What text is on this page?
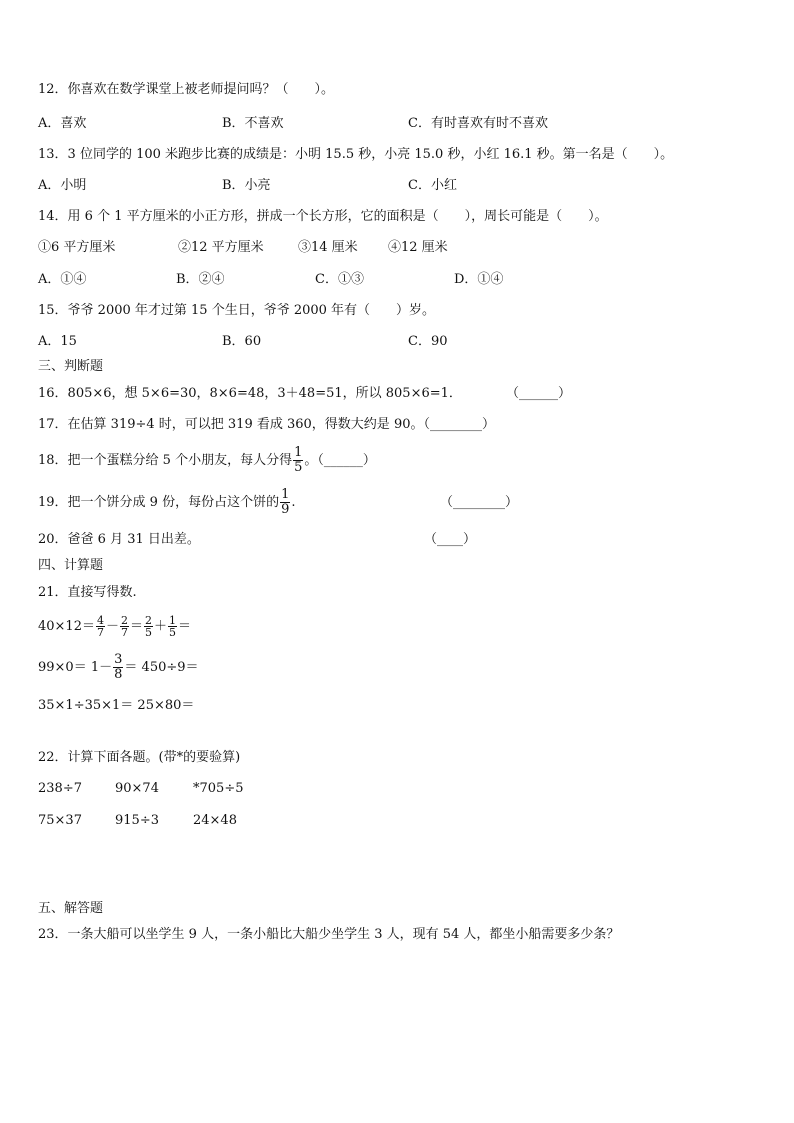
12．你喜欢在数学课堂上被老师提问吗？（　　）。
A．喜欢	B．不喜欢	C．有时喜欢有时不喜欢
13．3 位同学的 100 米跑步比赛的成绩是：小明 15.5 秒，小亮 15.0 秒，小红 16.1 秒。第一名是（　　）。
A．小明	B．小亮	C．小红
14．用 6 个 1 平方厘米的小正方形，拼成一个长方形，它的面积是（　　），周长可能是（　　）。
①6 平方厘米	②12 平方厘米	③14 厘米 ④12 厘米
A．①④	B．②④	C．①③	D．①④
15．爷爷 2000 年才过第 15 个生日，爷爷 2000 年有（　　）岁。
A．15	B．60	C．90
三、判断题
16．805×6，想 5×6=30，8×6=48，3＋48=51，所以 805×6=1．	（______）
17．在估算 319÷4 时，可以把 319 看成 360，得数大约是 90。（________）
18．把一个蛋糕分给 5 个小朋友，每人分得 $\frac{1}{5}$ 。（______）
19．把一个饼分成 9 份，每份占这个饼的 $\frac{1}{9}$ .	（________）
20．爸爸 6 月 31 日出差。	（____）
四、计算题
21．直接写得数.
$40\times 12= \frac{4}{7} - \frac{2}{7} = \frac{2}{5} + \frac{1}{5}$ ＝
$99\times 0= 1- \frac{3}{8} = 450\div 9=$
35×1÷35×1＝ 25×80＝
22．计算下面各题。(带*的要验算)
238÷7	90×74	*705÷5
75×37	915÷3	24×48
五、解答题
23．一条大船可以坐学生 9 人，一条小船比大船少坐学生 3 人，现有 54 人，都坐小船需要多少条？
